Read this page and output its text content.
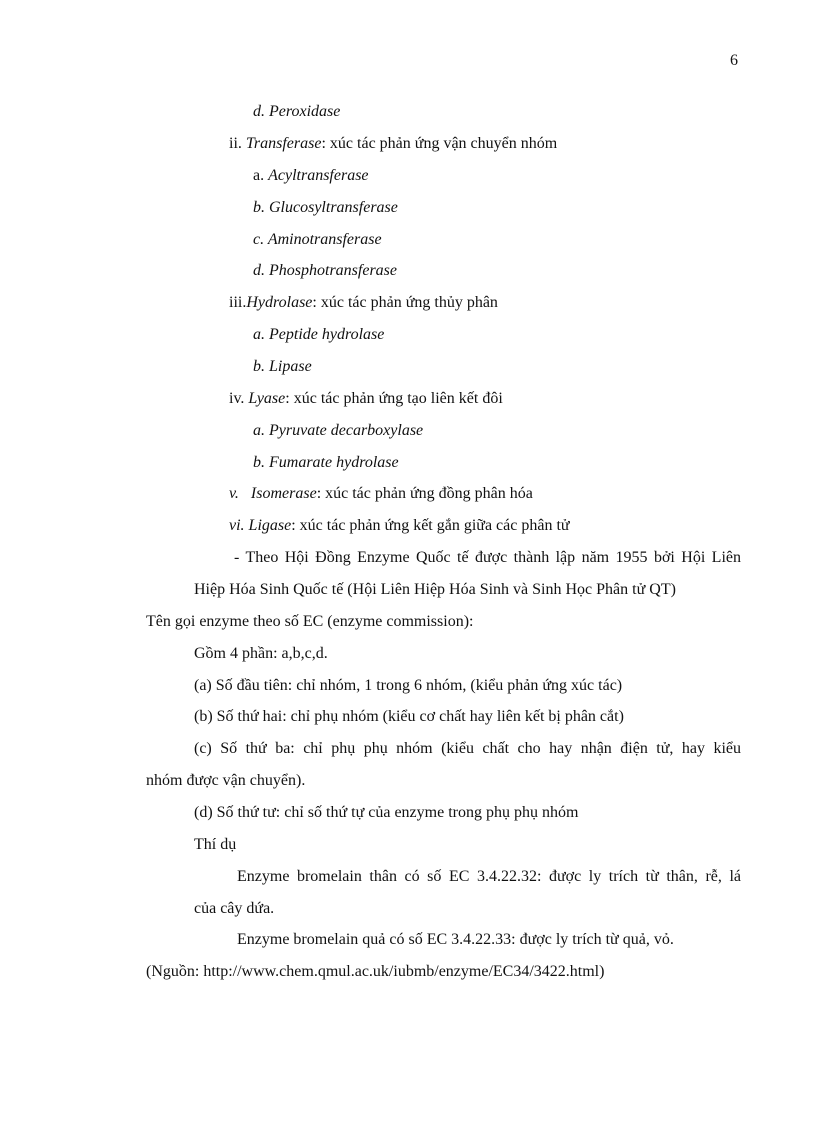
6
d. Peroxidase
ii. Transferase: xúc tác phản ứng vận chuyển nhóm
a. Acyltransferase
b. Glucosyltransferase
c. Aminotransferase
d. Phosphotransferase
iii.Hydrolase: xúc tác phản ứng thủy phân
a. Peptide hydrolase
b. Lipase
iv. Lyase: xúc tác phản ứng tạo liên kết đôi
a. Pyruvate decarboxylase
b. Fumarate hydrolase
v. Isomerase: xúc tác phản ứng đồng phân hóa
vi. Ligase: xúc tác phản ứng kết gắn giữa các phân tử
- Theo Hội Đồng Enzyme Quốc tế được thành lập năm 1955 bởi Hội Liên
Hiệp Hóa Sinh Quốc tế (Hội Liên Hiệp Hóa Sinh và Sinh Học Phân tử QT)
Tên gọi enzyme theo số EC (enzyme commission):
Gồm 4 phần: a,b,c,d.
(a) Số đầu tiên: chỉ nhóm, 1 trong 6 nhóm, (kiểu phản ứng xúc tác)
(b) Số thứ hai: chỉ phụ nhóm (kiểu cơ chất hay liên kết bị phân cắt)
(c) Số thứ ba: chỉ phụ phụ nhóm (kiểu chất cho hay nhận điện tử, hay kiểu
nhóm được vận chuyển).
(d) Số thứ tư: chỉ số thứ tự của enzyme trong phụ phụ nhóm
Thí dụ
Enzyme bromelain thân có số EC 3.4.22.32: được ly trích từ thân, rễ, lá
của cây dứa.
Enzyme bromelain quả có số EC 3.4.22.33: được ly trích từ quả, vỏ.
(Nguồn: http://www.chem.qmul.ac.uk/iubmb/enzyme/EC34/3422.html)
